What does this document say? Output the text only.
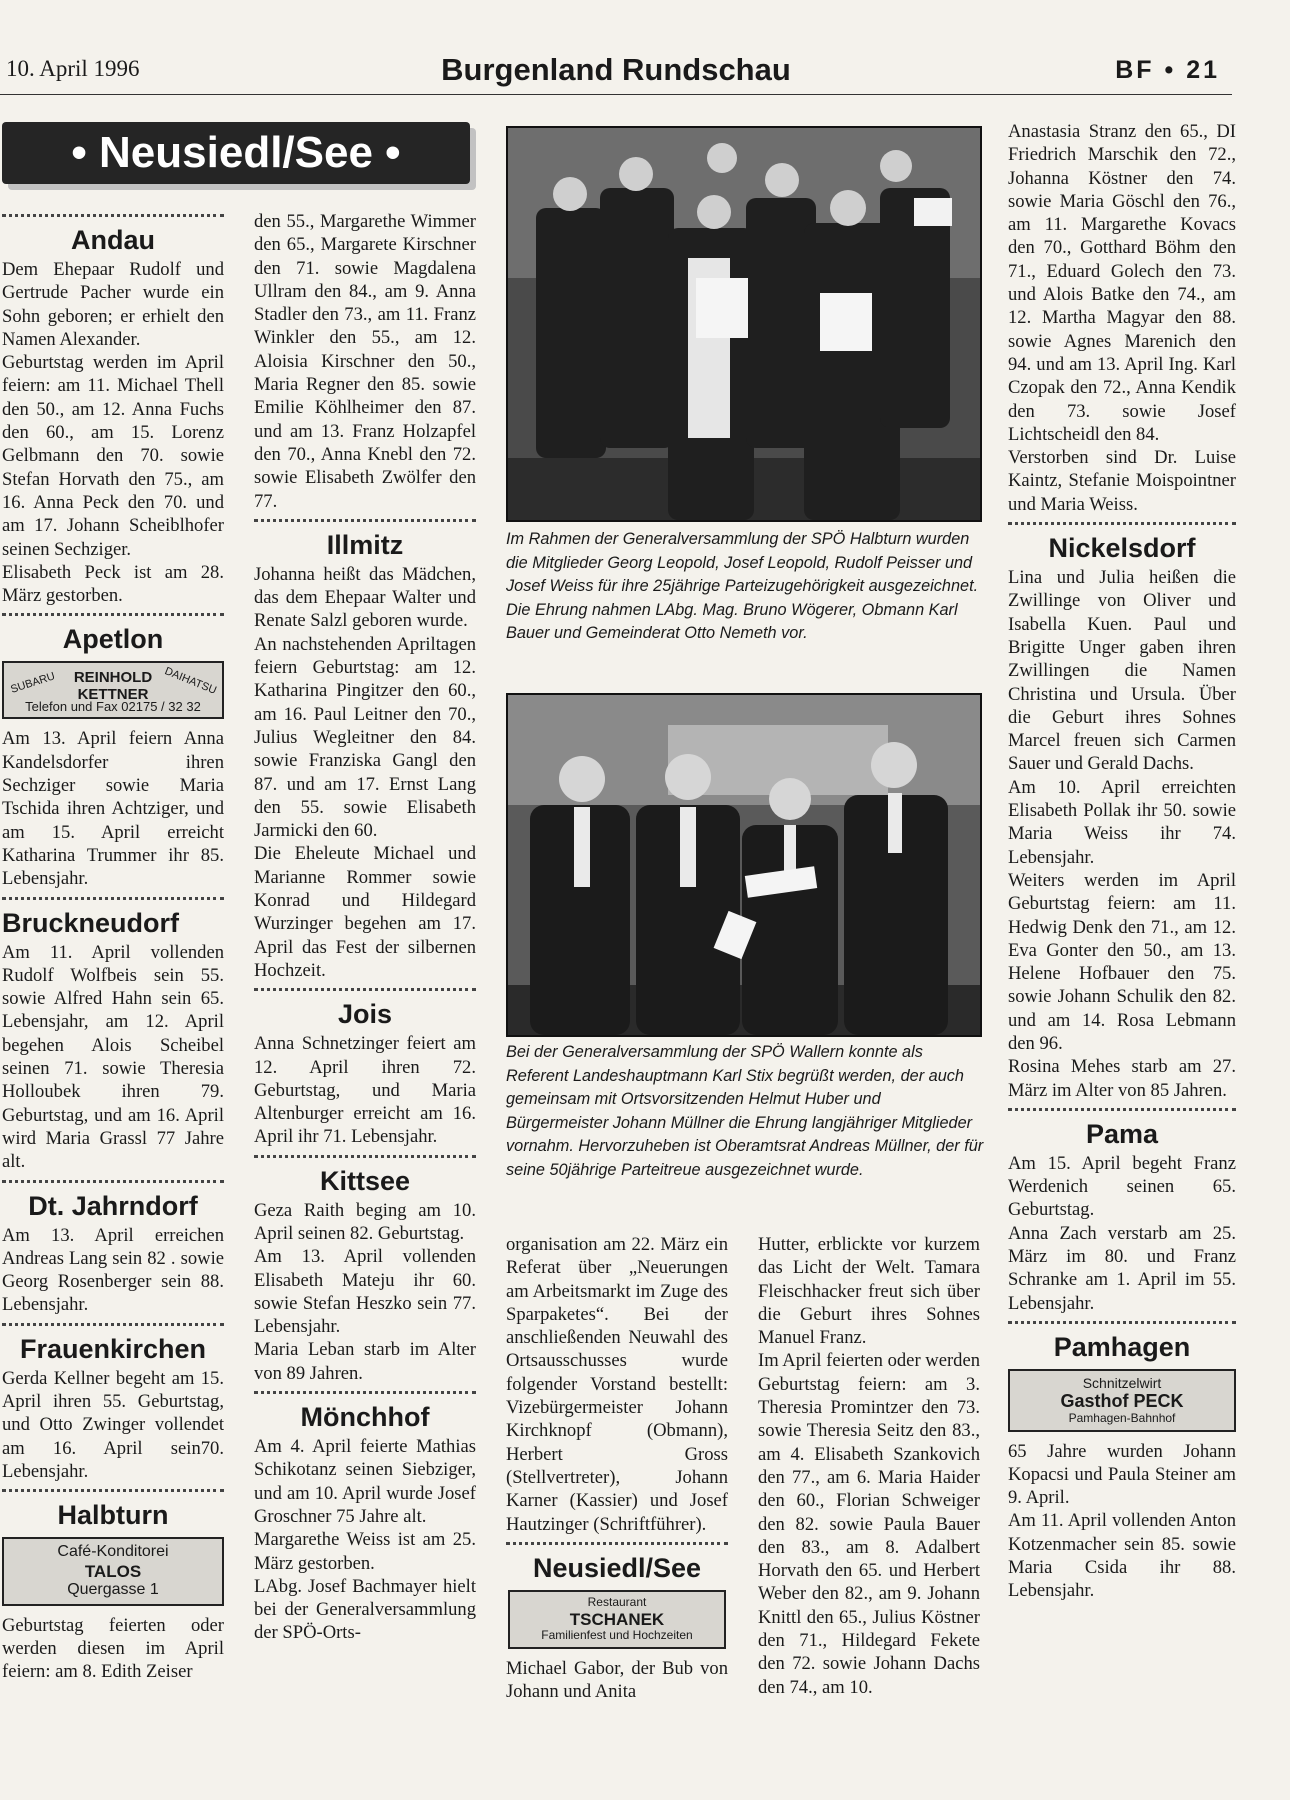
10. April 1996	Burgenland Rundschau	BF • 21
• Neusiedl/See •
Andau

Dem Ehepaar Rudolf und Gertrude Pacher wurde ein Sohn geboren; er erhielt den Namen Alexander.

Geburtstag werden im April feiern: am 11. Michael Thell den 50., am 12. Anna Fuchs den 60., am 15. Lorenz Gelbmann den 70. sowie Stefan Horvath den 75., am 16. Anna Peck den 70. und am 17. Johann Scheiblhofer seinen Sechziger.

Elisabeth Peck ist am 28. März gestorben.

Apetlon
SUBARU	REINHOLD KETTNER	DAIHATSU
Telefon und Fax 02175 / 32 32

Am 13. April feiern Anna Kandelsdorfer ihren Sechziger sowie Maria Tschida ihren Achtziger, und am 15. April erreicht Katharina Trummer ihr 85. Lebensjahr.

Bruckneudorf

Am 11. April vollenden Rudolf Wolfbeis sein 55. sowie Alfred Hahn sein 65. Lebensjahr, am 12. April begehen Alois Scheibel seinen 71. sowie Theresia Holloubek ihren 79. Geburtstag, und am 16. April wird Maria Grassl 77 Jahre alt.

Dt. Jahrndorf

Am 13. April erreichen Andreas Lang sein 82 . sowie Georg Rosenberger sein 88. Lebensjahr.

Frauenkirchen

Gerda Kellner begeht am 15. April ihren 55. Geburtstag, und Otto Zwinger vollendet am 16. April sein70. Lebensjahr.

Halbturn
Café-Konditorei
TALOS
Quergasse 1

Geburtstag feierten oder werden diesen im April feiern: am 8. Edith Zeiser

den 55., Margarethe Wimmer den 65., Margarete Kirschner den 71. sowie Magdalena Ullram den 84., am 9. Anna Stadler den 73., am 11. Franz Winkler den 55., am 12. Aloisia Kirschner den 50., Maria Regner den 85. sowie Emilie Köhlheimer den 87. und am 13. Franz Holzapfel den 70., Anna Knebl den 72. sowie Elisabeth Zwölfer den 77.

Illmitz

Johanna heißt das Mädchen, das dem Ehepaar Walter und Renate Salzl geboren wurde.

An nachstehenden Apriltagen feiern Geburtstag: am 12. Katharina Pingitzer den 60., am 16. Paul Leitner den 70., Julius Wegleitner den 84. sowie Franziska Gangl den 87. und am 17. Ernst Lang den 55. sowie Elisabeth Jarmicki den 60.

Die Eheleute Michael und Marianne Rommer sowie Konrad und Hildegard Wurzinger begehen am 17. April das Fest der silbernen Hochzeit.

Jois

Anna Schnetzinger feiert am 12. April ihren 72. Geburtstag, und Maria Altenburger erreicht am 16. April ihr 71. Lebensjahr.

Kittsee

Geza Raith beging am 10. April seinen 82. Geburtstag.

Am 13. April vollenden Elisabeth Mateju ihr 60. sowie Stefan Heszko sein 77. Lebensjahr.

Maria Leban starb im Alter von 89 Jahren.

Mönchhof

Am 4. April feierte Mathias Schikotanz seinen Siebziger, und am 10. April wurde Josef Groschner 75 Jahre alt.

Margarethe Weiss ist am 25. März gestorben.

LAbg. Josef Bachmayer hielt bei der Generalversammlung der SPÖ-Orts-

Im Rahmen der Generalversammlung der SPÖ Halbturn wurden die Mitglieder Georg Leopold, Josef Leopold, Rudolf Peisser und Josef Weiss für ihre 25jährige Parteizugehörigkeit ausgezeichnet. Die Ehrung nahmen LAbg. Mag. Bruno Wögerer, Obmann Karl Bauer und Gemeinderat Otto Nemeth vor.
Bei der Generalversammlung der SPÖ Wallern konnte als Referent Landeshauptmann Karl Stix begrüßt werden, der auch gemeinsam mit Ortsvorsitzenden Helmut Huber und Bürgermeister Johann Müllner die Ehrung langjähriger Mitglieder vornahm. Hervorzuheben ist Oberamtsrat Andreas Müllner, der für seine 50jährige Parteitreue ausgezeichnet wurde.

organisation am 22. März ein Referat über „Neuerungen am Arbeitsmarkt im Zuge des Sparpaketes“. Bei der anschließenden Neuwahl des Ortsausschusses wurde folgender Vorstand bestellt: Vizebürgermeister Johann Kirchknopf (Obmann), Herbert Gross (Stellvertreter), Johann Karner (Kassier) und Josef Hautzinger (Schriftführer).

Neusiedl/See
Restaurant
TSCHANEK
Familienfest und Hochzeiten

Michael Gabor, der Bub von Johann und Anita

Hutter, erblickte vor kurzem das Licht der Welt. Tamara Fleischhacker freut sich über die Geburt ihres Sohnes Manuel Franz.

Im April feierten oder werden Geburtstag feiern: am 3. Theresia Promintzer den 73. sowie Theresia Seitz den 83., am 4. Elisabeth Szankovich den 77., am 6. Maria Haider den 60., Florian Schweiger den 82. sowie Paula Bauer den 83., am 8. Adalbert Horvath den 65. und Herbert Weber den 82., am 9. Johann Knittl den 65., Julius Köstner den 71., Hildegard Fekete den 72. sowie Johann Dachs den 74., am 10.

Anastasia Stranz den 65., DI Friedrich Marschik den 72., Johanna Köstner den 74. sowie Maria Göschl den 76., am 11. Margarethe Kovacs den 70., Gotthard Böhm den 71., Eduard Golech den 73. und Alois Batke den 74., am 12. Martha Magyar den 88. sowie Agnes Marenich den 94. und am 13. April Ing. Karl Czopak den 72., Anna Kendik den 73. sowie Josef Lichtscheidl den 84.

Verstorben sind Dr. Luise Kaintz, Stefanie Moispointner und Maria Weiss.

Nickelsdorf

Lina und Julia heißen die Zwillinge von Oliver und Isabella Kuen. Paul und Brigitte Unger gaben ihren Zwillingen die Namen Christina und Ursula. Über die Geburt ihres Sohnes Marcel freuen sich Carmen Sauer und Gerald Dachs.

Am 10. April erreichten Elisabeth Pollak ihr 50. sowie Maria Weiss ihr 74. Lebensjahr.

Weiters werden im April Geburtstag feiern: am 11. Hedwig Denk den 71., am 12. Eva Gonter den 50., am 13. Helene Hofbauer den 75. sowie Johann Schulik den 82. und am 14. Rosa Lebmann den 96.

Rosina Mehes starb am 27. März im Alter von 85 Jahren.

Pama

Am 15. April begeht Franz Werdenich seinen 65. Geburtstag.

Anna Zach verstarb am 25. März im 80. und Franz Schranke am 1. April im 55. Lebensjahr.

Pamhagen
Schnitzelwirt
Gasthof PECK
Pamhagen-Bahnhof

65 Jahre wurden Johann Kopacsi und Paula Steiner am 9. April.

Am 11. April vollenden Anton Kotzenmacher sein 85. sowie Maria Csida ihr 88. Lebensjahr.
